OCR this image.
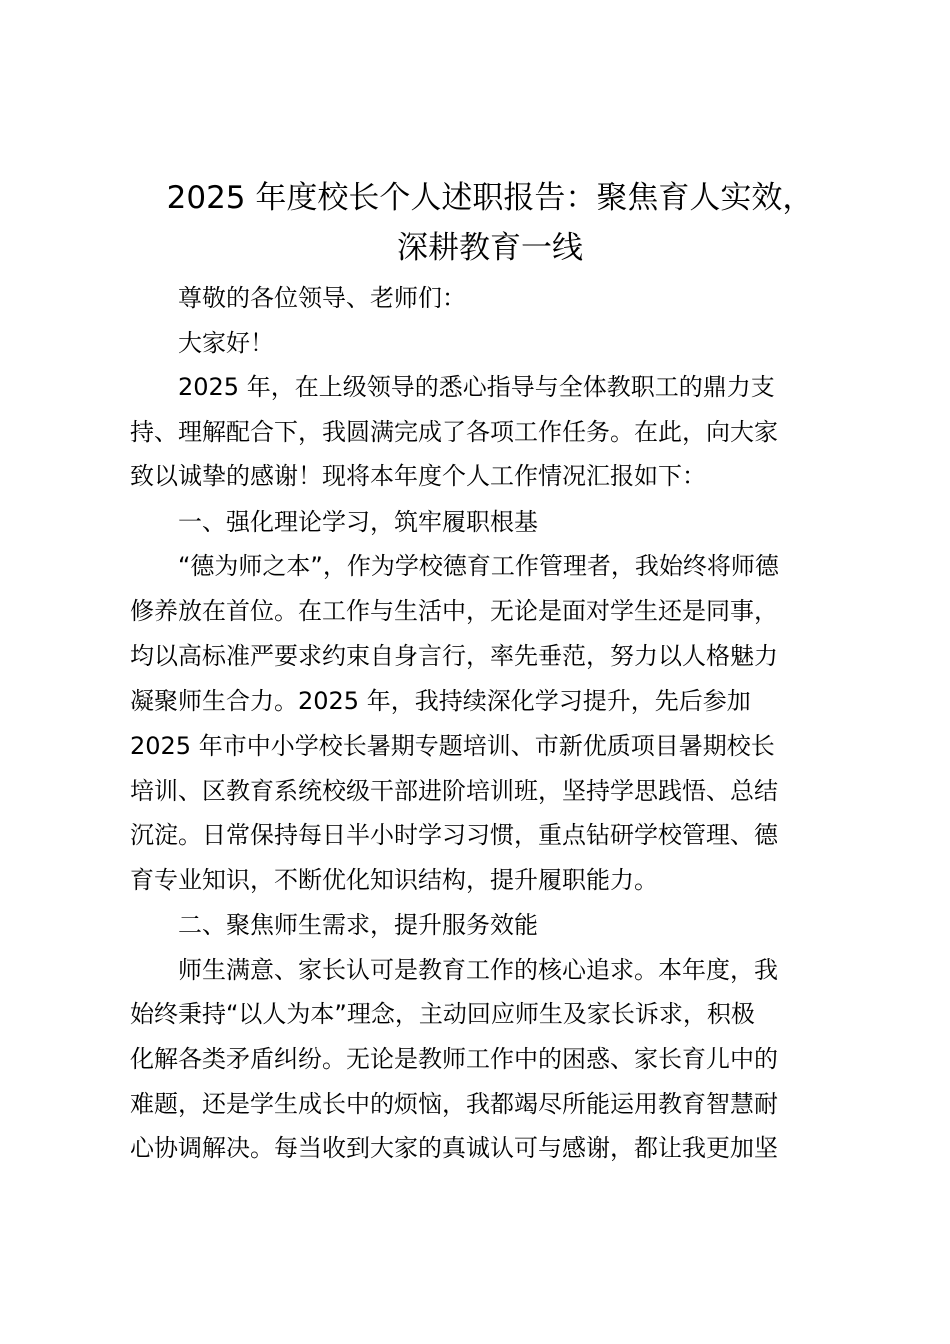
2025 年度校长个人述职报告：聚焦育人实效，
深耕教育一线

尊敬的各位领导、老师们：

大家好！

2025 年，在上级领导的悉心指导与全体教职工的鼎力支

持、理解配合下，我圆满完成了各项工作任务。在此，向大家

致以诚挚的感谢！现将本年度个人工作情况汇报如下：

一、强化理论学习，筑牢履职根基

“德为师之本”，作为学校德育工作管理者，我始终将师德

修养放在首位。在工作与生活中，无论是面对学生还是同事，

均以高标准严要求约束自身言行，率先垂范，努力以人格魅力

凝聚师生合力。2025 年，我持续深化学习提升，先后参加

2025 年市中小学校长暑期专题培训、市新优质项目暑期校长

培训、区教育系统校级干部进阶培训班，坚持学思践悟、总结

沉淀。日常保持每日半小时学习习惯，重点钻研学校管理、德

育专业知识，不断优化知识结构，提升履职能力。

二、聚焦师生需求，提升服务效能

师生满意、家长认可是教育工作的核心追求。本年度，我

始终秉持“以人为本”理念，主动回应师生及家长诉求，积极

化解各类矛盾纠纷。无论是教师工作中的困惑、家长育儿中的

难题，还是学生成长中的烦恼，我都竭尽所能运用教育智慧耐

心协调解决。每当收到大家的真诚认可与感谢，都让我更加坚
